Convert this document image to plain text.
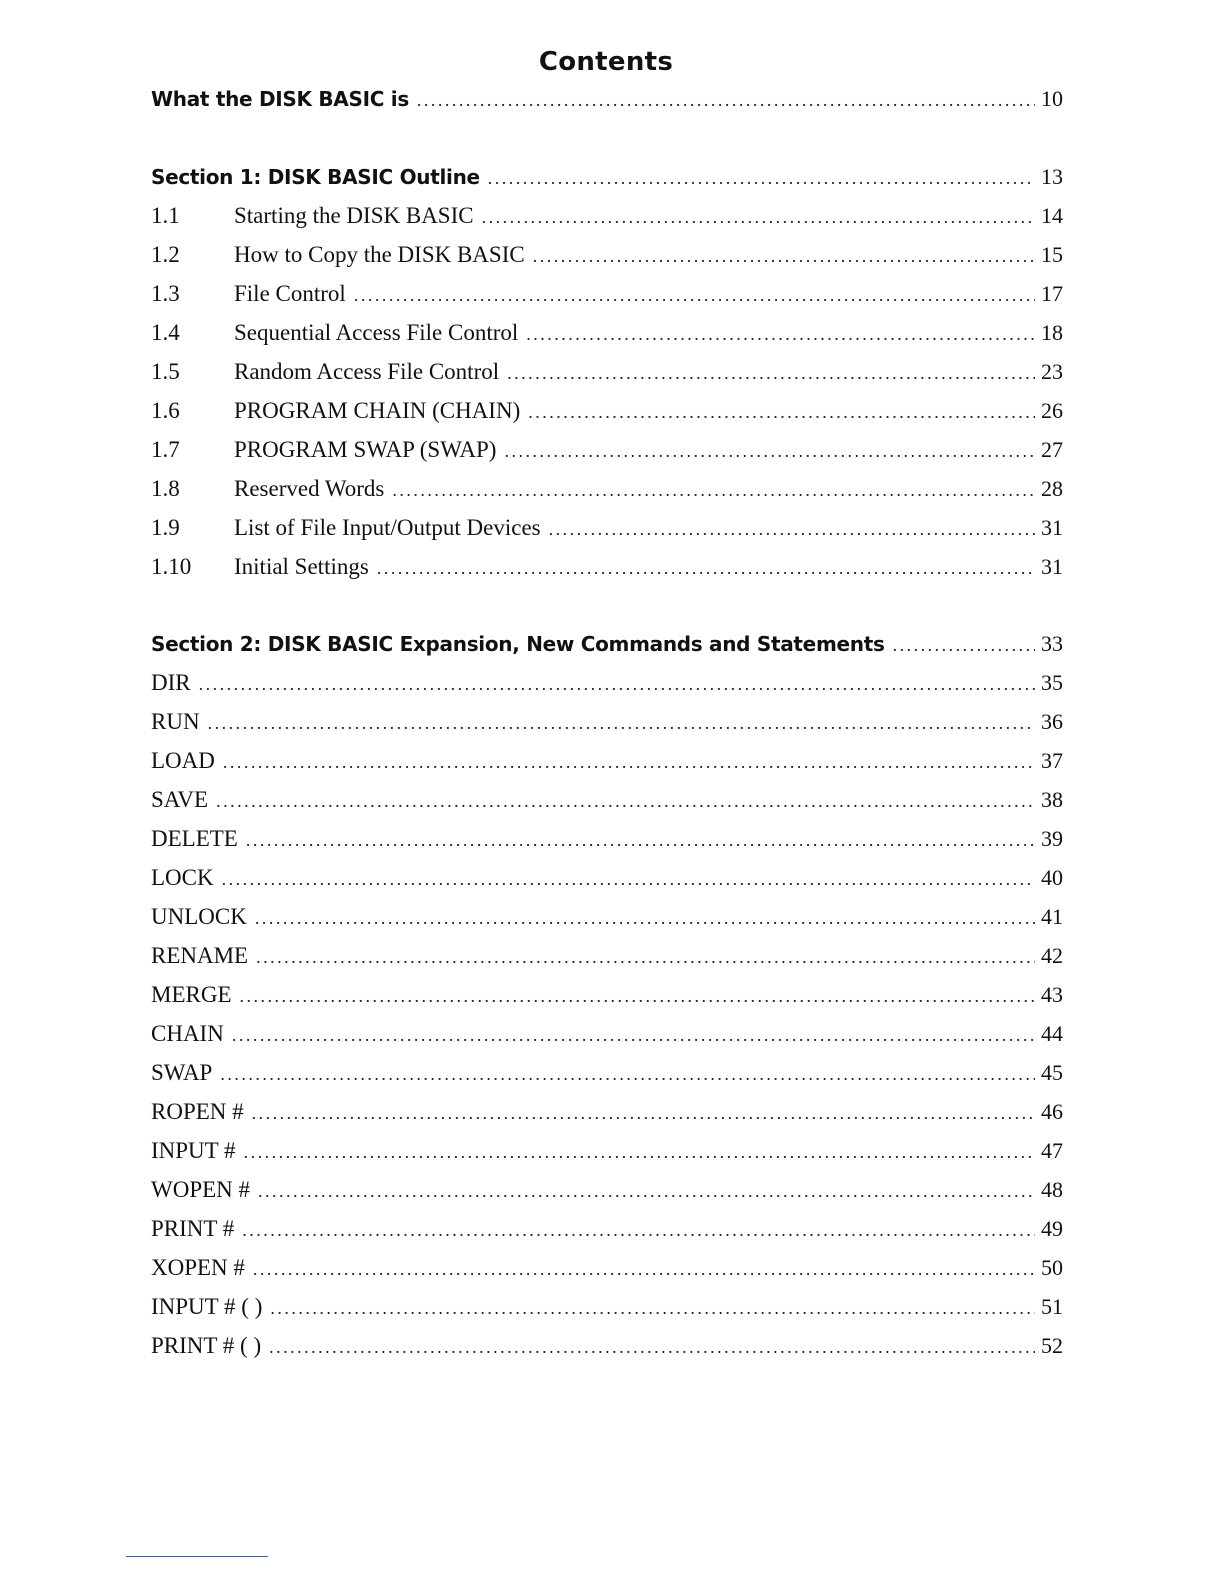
Contents
What the DISK BASIC is .....	10
Section 1: DISK BASIC Outline .....	13
1.1	Starting the DISK BASIC .....	14
1.2	How to Copy the DISK BASIC .....	15
1.3	File Control .....	17
1.4	Sequential Access File Control .....	18
1.5	Random Access File Control .....	23
1.6	PROGRAM CHAIN (CHAIN) .....	26
1.7	PROGRAM SWAP (SWAP) .....	27
1.8	Reserved Words .....	28
1.9	List of File Input/Output Devices .....	31
1.10	Initial Settings .....	31
Section 2: DISK BASIC Expansion, New Commands and Statements .....	33
DIR .....	35
RUN .....	36
LOAD .....	37
SAVE .....	38
DELETE .....	39
LOCK .....	40
UNLOCK .....	41
RENAME .....	42
MERGE .....	43
CHAIN .....	44
SWAP .....	45
ROPEN # .....	46
INPUT # .....	47
WOPEN # .....	48
PRINT # .....	49
XOPEN # .....	50
INPUT # ( ) .....	51
PRINT # ( ) .....	52
